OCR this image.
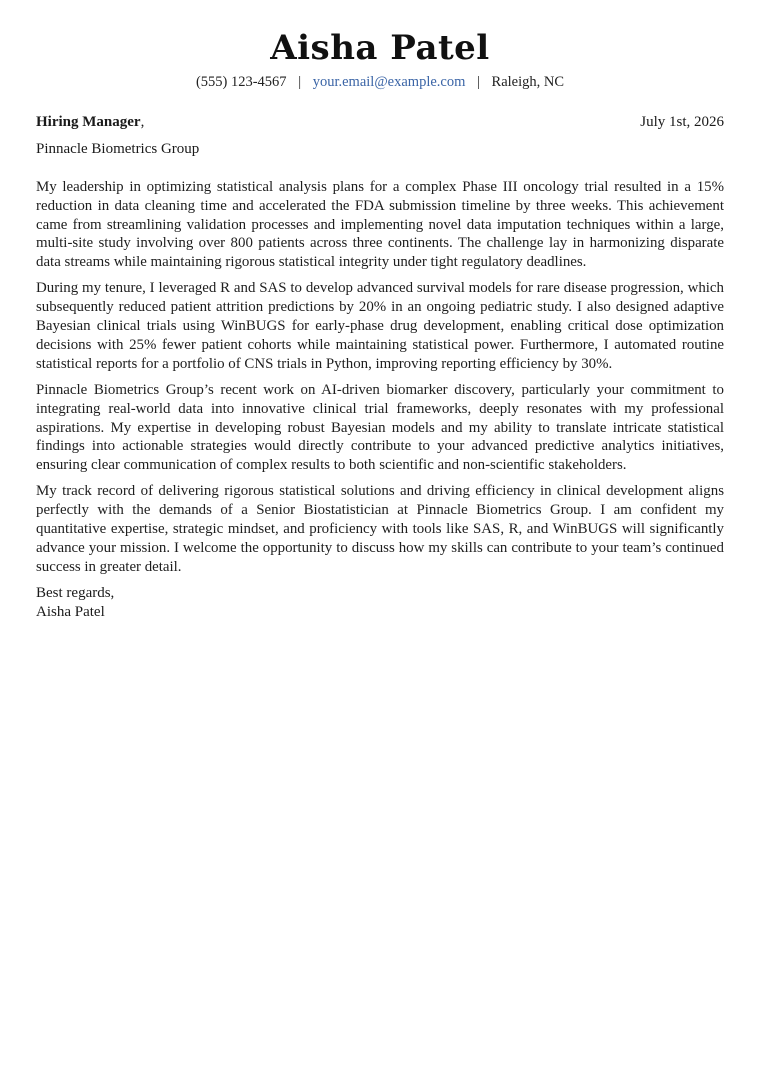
Aisha Patel
(555) 123-4567 | your.email@example.com | Raleigh, NC
Hiring Manager,	July 1st, 2026
Pinnacle Biometrics Group

My leadership in optimizing statistical analysis plans for a complex Phase III oncology trial resulted in a 15% reduction in data cleaning time and accelerated the FDA submission timeline by three weeks. This achievement came from streamlining validation processes and implementing novel data imputation techniques within a large, multi-site study involving over 800 patients across three continents. The challenge lay in harmonizing disparate data streams while maintaining rigorous statistical integrity under tight regulatory deadlines.

During my tenure, I leveraged R and SAS to develop advanced survival models for rare disease progression, which subsequently reduced patient attrition predictions by 20% in an ongoing pediatric study. I also designed adaptive Bayesian clinical trials using WinBUGS for early-phase drug development, enabling critical dose optimization decisions with 25% fewer patient cohorts while maintaining statistical power. Furthermore, I automated routine statistical reports for a portfolio of CNS trials in Python, improving reporting efficiency by 30%.

Pinnacle Biometrics Group’s recent work on AI-driven biomarker discovery, particularly your commitment to integrating real-world data into innovative clinical trial frameworks, deeply resonates with my professional aspirations. My expertise in developing robust Bayesian models and my ability to translate intricate statistical findings into actionable strategies would directly contribute to your advanced predictive analytics initiatives, ensuring clear communication of complex results to both scientific and non-scientific stakeholders.

My track record of delivering rigorous statistical solutions and driving efficiency in clinical development aligns perfectly with the demands of a Senior Biostatistician at Pinnacle Biometrics Group. I am confident my quantitative expertise, strategic mindset, and proficiency with tools like SAS, R, and WinBUGS will significantly advance your mission. I welcome the opportunity to discuss how my skills can contribute to your team’s continued success in greater detail.

Best regards,
Aisha Patel
